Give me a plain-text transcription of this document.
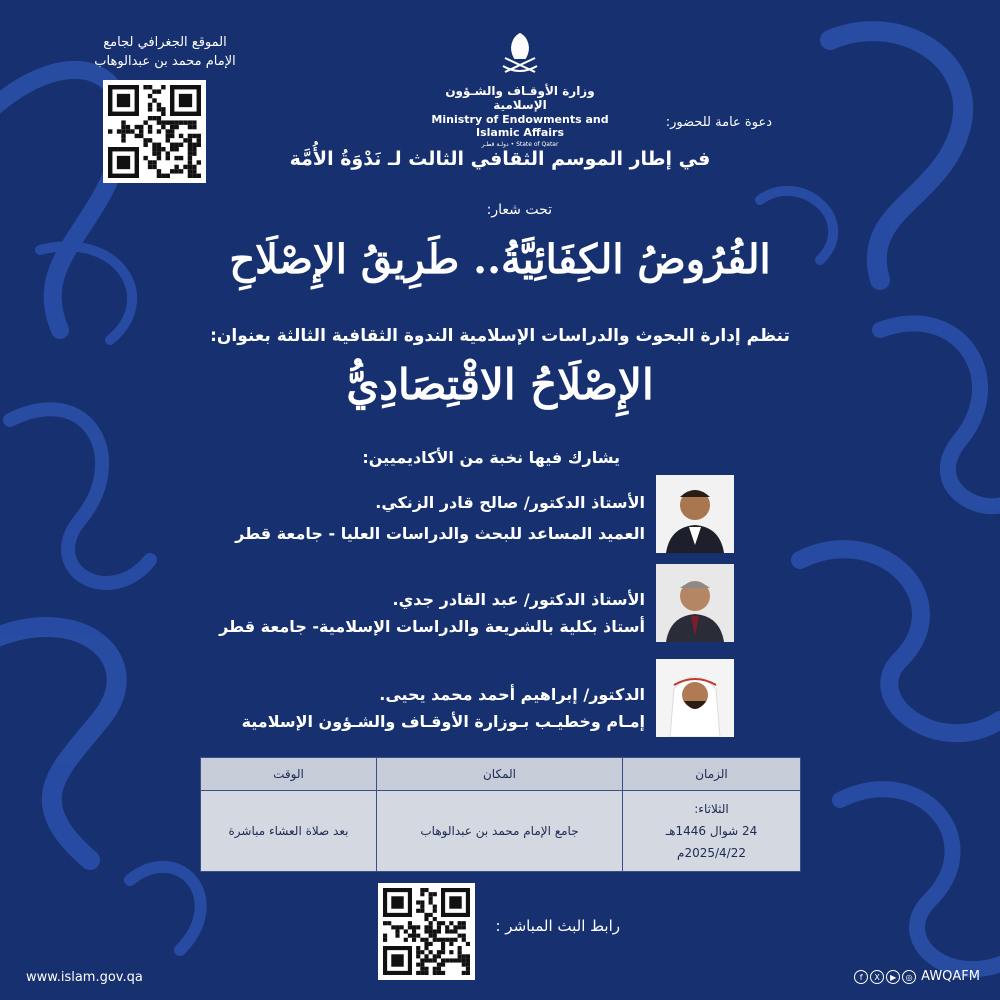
وزارة الأوقـاف والشـؤون الإسلامية
Ministry of Endowments and Islamic Affairs
State of Qatar • دولـة قطـر
الموقع الجغرافي لجامع
الإمام محمد بن عبدالوهاب
دعوة عامة للحضور:
في إطار الموسم الثقافي الثالث لـ نَدْوَةُ الأُمَّة
تحت شعار:
الفُرُوضُ الكِفَائِيَّةُ.. طَرِيقُ الإِصْلَاحِ
تنظم إدارة البحوث والدراسات الإسلامية الندوة الثقافية الثالثة بعنوان:
الإِصْلَاحُ الاقْتِصَادِيُّ
يشارك فيها نخبة من الأكاديميين:
الأستاذ الدكتور/ صالح قادر الزنكي.
العميد المساعد للبحث والدراسات العليا - جامعة قطر
الأستاذ الدكتور/ عبد القادر جدي.
أستاذ بكلية بالشريعة والدراسات الإسلامية- جامعة قطر
الدكتور/ إبراهيم أحمد محمد يحيى.
إمـام وخطيـب بـوزارة الأوقـاف والشـؤون الإسلامية
الزمان	المكان	الوقت

الثلاثاء:
24 شوال 1446هـ
2025/4/22م	جامع الإمام محمد بن عبدالوهاب	بعد صلاة العشاء مباشرة
رابط البث المباشر :
www.islam.gov.qa	f	X	▶	◎ AWQAFM
